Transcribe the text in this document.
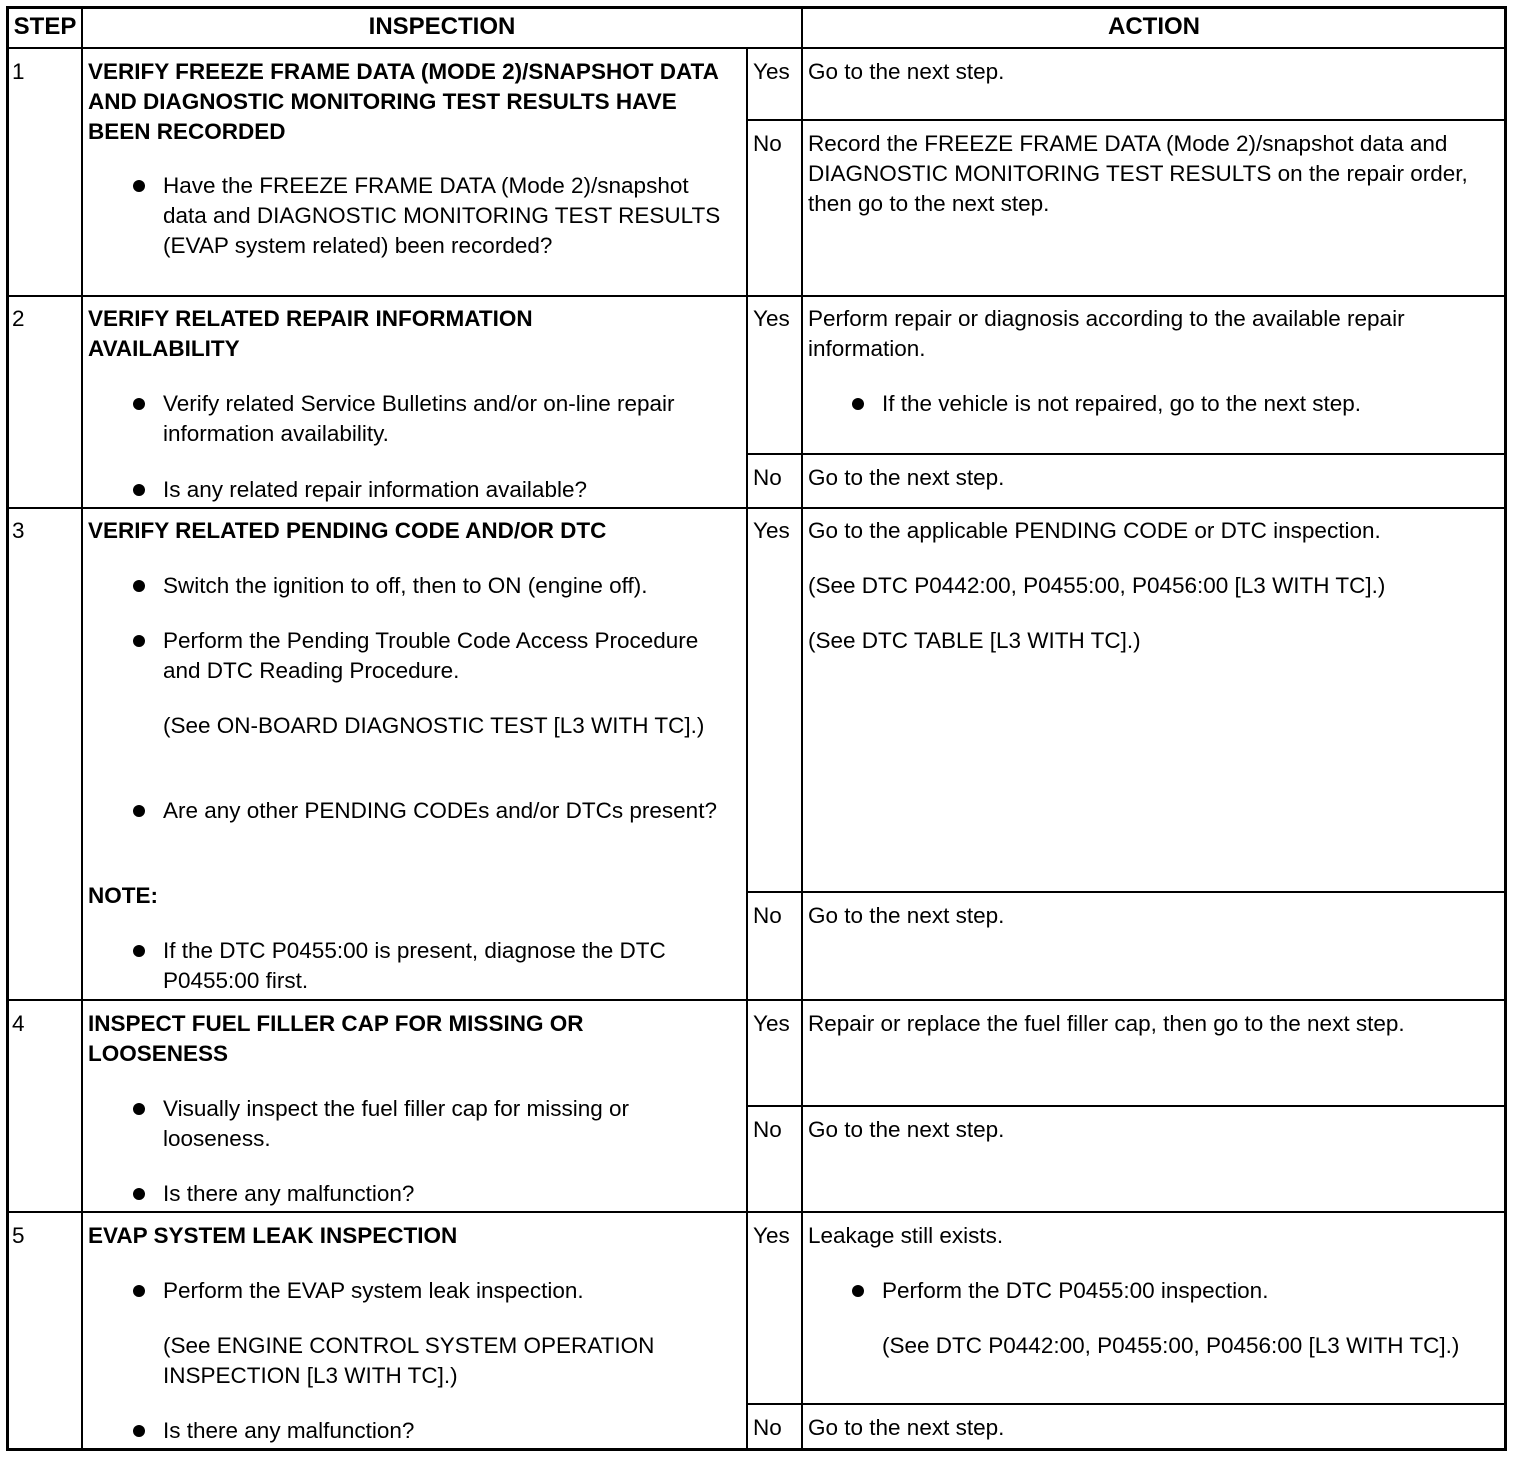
STEP	INSPECTION	ACTION
1	VERIFY FREEZE FRAME DATA (MODE 2)/SNAPSHOT DATA AND DIAGNOSTIC MONITORING TEST RESULTS HAVE BEEN RECORDED
Have the FREEZE FRAME DATA (Mode 2)/snapshot data and DIAGNOSTIC MONITORING TEST RESULTS (EVAP system related) been recorded?
Yes Go to the next step.
No Record the FREEZE FRAME DATA (Mode 2)/snapshot data and DIAGNOSTIC MONITORING TEST RESULTS on the repair order, then go to the next step.
2	VERIFY RELATED REPAIR INFORMATION AVAILABILITY
Verify related Service Bulletins and/or on-line repair information availability.
Is any related repair information available?
Yes Perform repair or diagnosis according to the available repair information.
If the vehicle is not repaired, go to the next step.
No Go to the next step.
3	VERIFY RELATED PENDING CODE AND/OR DTC
Switch the ignition to off, then to ON (engine off).
Perform the Pending Trouble Code Access Procedure and DTC Reading Procedure.
(See ON-BOARD DIAGNOSTIC TEST [L3 WITH TC].)
Are any other PENDING CODEs and/or DTCs present?
NOTE:
If the DTC P0455:00 is present, diagnose the DTC P0455:00 first.
Yes Go to the applicable PENDING CODE or DTC inspection.
(See DTC P0442:00, P0455:00, P0456:00 [L3 WITH TC].)
(See DTC TABLE [L3 WITH TC].)
No Go to the next step.
4	INSPECT FUEL FILLER CAP FOR MISSING OR LOOSENESS
Visually inspect the fuel filler cap for missing or looseness.
Is there any malfunction?
Yes Repair or replace the fuel filler cap, then go to the next step.
No Go to the next step.
5	EVAP SYSTEM LEAK INSPECTION
Perform the EVAP system leak inspection.
(See ENGINE CONTROL SYSTEM OPERATION INSPECTION [L3 WITH TC].)
Is there any malfunction?
Yes Leakage still exists.
Perform the DTC P0455:00 inspection.
(See DTC P0442:00, P0455:00, P0456:00 [L3 WITH TC].)
No Go to the next step.
